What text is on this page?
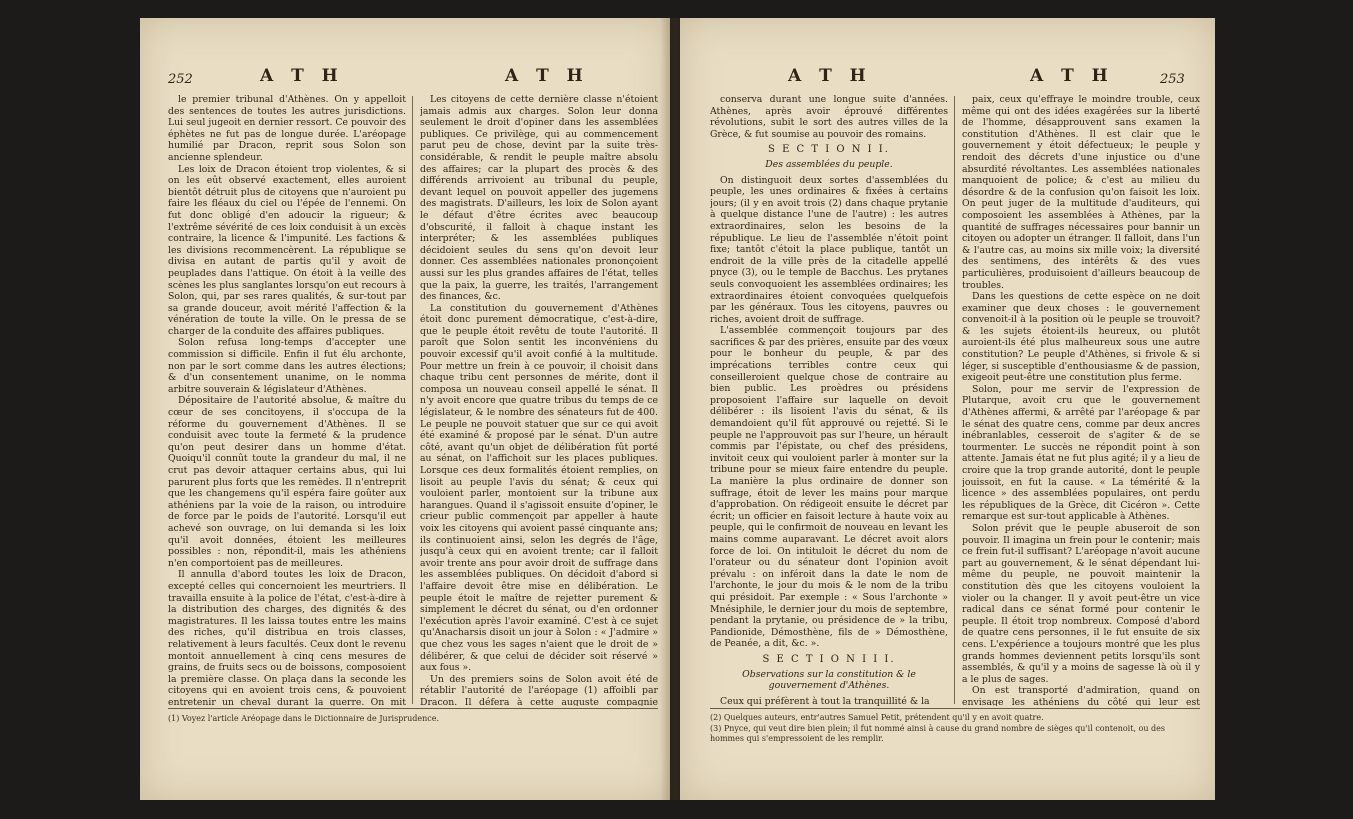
252	A T H	A T H

le premier tribunal d'Athènes. On y appelloit des sentences de toutes les autres jurisdictions. Lui seul jugeoit en dernier ressort. Ce pouvoir des éphètes ne fut pas de longue durée. L'aréopage humilié par Dracon, reprit sous Solon son ancienne splendeur.

Les loix de Dracon étoient trop violentes, & si on les eût observé exactement, elles auroient bientôt détruit plus de citoyens que n'auroient pu faire les fléaux du ciel ou l'épée de l'ennemi. On fut donc obligé d'en adoucir la rigueur; & l'extrême sévérité de ces loix conduisit à un excès contraire, la licence & l'impunité. Les factions & les divisions recommencèrent. La république se divisa en autant de partis qu'il y avoit de peuplades dans l'attique. On étoit à la veille des scènes les plus sanglantes lorsqu'on eut recours à Solon, qui, par ses rares qualités, & sur-tout par sa grande douceur, avoit mérité l'affection & la vénération de toute la ville. On le pressa de se charger de la conduite des affaires publiques.

Solon refusa long-temps d'accepter une commission si difficile. Enfin il fut élu archonte, non par le sort comme dans les autres élections; & d'un consentement unanime, on le nomma arbitre souverain & législateur d'Athènes.

Dépositaire de l'autorité absolue, & maître du cœur de ses concitoyens, il s'occupa de la réforme du gouvernement d'Athènes. Il se conduisit avec toute la fermeté & la prudence qu'on peut desirer dans un homme d'état. Quoiqu'il connût toute la grandeur du mal, il ne crut pas devoir attaquer certains abus, qui lui parurent plus forts que les remèdes. Il n'entreprit que les changemens qu'il espéra faire goûter aux athéniens par la voie de la raison, ou introduire de force par le poids de l'autorité. Lorsqu'il eut achevé son ouvrage, on lui demanda si les loix qu'il avoit données, étoient les meilleures possibles : non, répondit-il, mais les athéniens n'en comportoient pas de meilleures.

Il annulla d'abord toutes les loix de Dracon, excepté celles qui concernoient les meurtriers. Il travailla ensuite à la police de l'état, c'est-à-dire à la distribution des charges, des dignités & des magistratures. Il les laissa toutes entre les mains des riches, qu'il distribua en trois classes, relativement à leurs facultés. Ceux dont le revenu montoit annuellement à cinq cens mesures de grains, de fruits secs ou de boissons, composoient la première classe. On plaça dans la seconde les citoyens qui en avoient trois cens, & pouvoient entretenir un cheval durant la guerre. On mit

Les citoyens de cette dernière classe n'étoient jamais admis aux charges. Solon leur donna seulement le droit d'opiner dans les assemblées publiques. Ce privilège, qui au commencement parut peu de chose, devint par la suite très-considérable, & rendit le peuple maître absolu des affaires; car la plupart des procès & des différends arrivoient au tribunal du peuple, devant lequel on pouvoit appeller des jugemens des magistrats. D'ailleurs, les loix de Solon ayant le défaut d'être écrites avec beaucoup d'obscurité, il falloit à chaque instant les interpréter; & les assemblées publiques décidoient seules du sens qu'on devoit leur donner. Ces assemblées nationales prononçoient aussi sur les plus grandes affaires de l'état, telles que la paix, la guerre, les traités, l'arrangement des finances, &c.

La constitution du gouvernement d'Athènes étoit donc purement démocratique, c'est-à-dire, que le peuple étoit revêtu de toute l'autorité. Il paroît que Solon sentit les inconvéniens du pouvoir excessif qu'il avoit confié à la multitude. Pour mettre un frein à ce pouvoir, il choisit dans chaque tribu cent personnes de mérite, dont il composa un nouveau conseil appellé le sénat. Il n'y avoit encore que quatre tribus du temps de ce législateur, & le nombre des sénateurs fut de 400. Le peuple ne pouvoit statuer que sur ce qui avoit été examiné & proposé par le sénat. D'un autre côté, avant qu'un objet de délibération fût porté au sénat, on l'affichoit sur les places publiques. Lorsque ces deux formalités étoient remplies, on lisoit au peuple l'avis du sénat; & ceux qui vouloient parler, montoient sur la tribune aux harangues. Quand il s'agissoit ensuite d'opiner, le crieur public commençoit par appeller à haute voix les citoyens qui avoient passé cinquante ans; ils continuoient ainsi, selon les degrés de l'âge, jusqu'à ceux qui en avoient trente; car il falloit avoir trente ans pour avoir droit de suffrage dans les assemblées publiques. On décidoit d'abord si l'affaire devoit être mise en délibération. Le peuple étoit le maître de rejetter purement & simplement le décret du sénat, ou d'en ordonner l'exécution après l'avoir examiné. C'est à ce sujet qu'Anacharsis disoit un jour à Solon : « J'admire » que chez vous les sages n'aient que le droit de » délibérer, & que celui de décider soit réservé » aux fous ».

Un des premiers soins de Solon avoit été de rétablir l'autorité de l'aréopage (1) affoibli par Dracon. Il défera à cette auguste compagnie

(1) Voyez l'article Aréopage dans le Dictionnaire de Jurisprudence.
A T H	A T H	253

conserva durant une longue suite d'années. Athènes, après avoir éprouvé différentes révolutions, subit le sort des autres villes de la Grèce, & fut soumise au pouvoir des romains.

S E C T I O N I I.

Des assemblées du peuple.

On distinguoit deux sortes d'assemblées du peuple, les unes ordinaires & fixées à certains jours; (il y en avoit trois (2) dans chaque prytanie à quelque distance l'une de l'autre) : les autres extraordinaires, selon les besoins de la république. Le lieu de l'assemblée n'étoit point fixe; tantôt c'étoit la place publique, tantôt un endroit de la ville près de la citadelle appellé pnyce (3), ou le temple de Bacchus. Les prytanes seuls convoquoient les assemblées ordinaires; les extraordinaires étoient convoquées quelquefois par les généraux. Tous les citoyens, pauvres ou riches, avoient droit de suffrage.

L'assemblée commençoit toujours par des sacrifices & par des prières, ensuite par des vœux pour le bonheur du peuple, & par des imprécations terribles contre ceux qui conseilleroient quelque chose de contraire au bien public. Les proèdres ou présidens proposoient l'affaire sur laquelle on devoit délibérer : ils lisoient l'avis du sénat, & ils demandoient qu'il fût approuvé ou rejetté. Si le peuple ne l'approuvoit pas sur l'heure, un hérault commis par l'épistate, ou chef des présidens, invitoit ceux qui vouloient parler à monter sur la tribune pour se mieux faire entendre du peuple. La manière la plus ordinaire de donner son suffrage, étoit de lever les mains pour marque d'approbation. On rédigeoit ensuite le décret par écrit; un officier en faisoit lecture à haute voix au peuple, qui le confirmoit de nouveau en levant les mains comme auparavant. Le décret avoit alors force de loi. On intituloit le décret du nom de l'orateur ou du sénateur dont l'opinion avoit prévalu : on inféroit dans la date le nom de l'archonte, le jour du mois & le nom de la tribu qui présidoit. Par exemple : « Sous l'archonte » Mnésiphile, le dernier jour du mois de septembre, pendant la prytanie, ou présidence de » la tribu, Pandionide, Démosthène, fils de » Démosthène, de Peanée, a dit, &c. ».

S E C T I O N I I I.

Observations sur la constitution & le gouvernement d'Athènes.

Ceux qui préfèrent à tout la tranquillité & la

paix, ceux qu'effraye le moindre trouble, ceux même qui ont des idées exagérées sur la liberté de l'homme, désapprouvent sans examen la constitution d'Athènes. Il est clair que le gouvernement y étoit défectueux; le peuple y rendoit des décrets d'une injustice ou d'une absurdité révoltantes. Les assemblées nationales manquoient de police; & c'est au milieu du désordre & de la confusion qu'on faisoit les loix. On peut juger de la multitude d'auditeurs, qui composoient les assemblées à Athènes, par la quantité de suffrages nécessaires pour bannir un citoyen ou adopter un étranger. Il falloit, dans l'un & l'autre cas, au moins six mille voix; la diversité des sentimens, des intérêts & des vues particulières, produisoient d'ailleurs beaucoup de troubles.

Dans les questions de cette espèce on ne doit examiner que deux choses : le gouvernement convenoit-il à la position où le peuple se trouvoit? & les sujets étoient-ils heureux, ou plutôt auroient-ils été plus malheureux sous une autre constitution? Le peuple d'Athènes, si frivole & si léger, si susceptible d'enthousiasme & de passion, exigeoit peut-être une constitution plus ferme.

Solon, pour me servir de l'expression de Plutarque, avoit cru que le gouvernement d'Athènes affermi, & arrêté par l'aréopage & par le sénat des quatre cens, comme par deux ancres inébranlables, cesseroit de s'agiter & de se tourmenter. Le succès ne répondit point à son attente. Jamais état ne fut plus agité; il y a lieu de croire que la trop grande autorité, dont le peuple jouissoit, en fut la cause. « La témérité & la licence » des assemblées populaires, ont perdu les républiques de la Grèce, dit Cicéron ». Cette remarque est sur-tout applicable à Athènes.

Solon prévit que le peuple abuseroit de son pouvoir. Il imagina un frein pour le contenir; mais ce frein fut-il suffisant? L'aréopage n'avoit aucune part au gouvernement, & le sénat dépendant lui-même du peuple, ne pouvoit maintenir la constitution dès que les citoyens vouloient la violer ou la changer. Il y avoit peut-être un vice radical dans ce sénat formé pour contenir le peuple. Il étoit trop nombreux. Composé d'abord de quatre cens personnes, il le fut ensuite de six cens. L'expérience a toujours montré que les plus grands hommes deviennent petits lorsqu'ils sont assemblés, & qu'il y a moins de sagesse là où il y a le plus de sages.

On est transporté d'admiration, quand on envisage les athéniens du côté qui leur est

(2) Quelques auteurs, entr'autres Samuel Petit, prétendent qu'il y en avoit quatre.
(3) Pnyce, qui veut dire bien plein; il fut nommé ainsi à cause du grand nombre de sièges qu'il contenoit, ou des hommes qui s'empressoient de les remplir.
